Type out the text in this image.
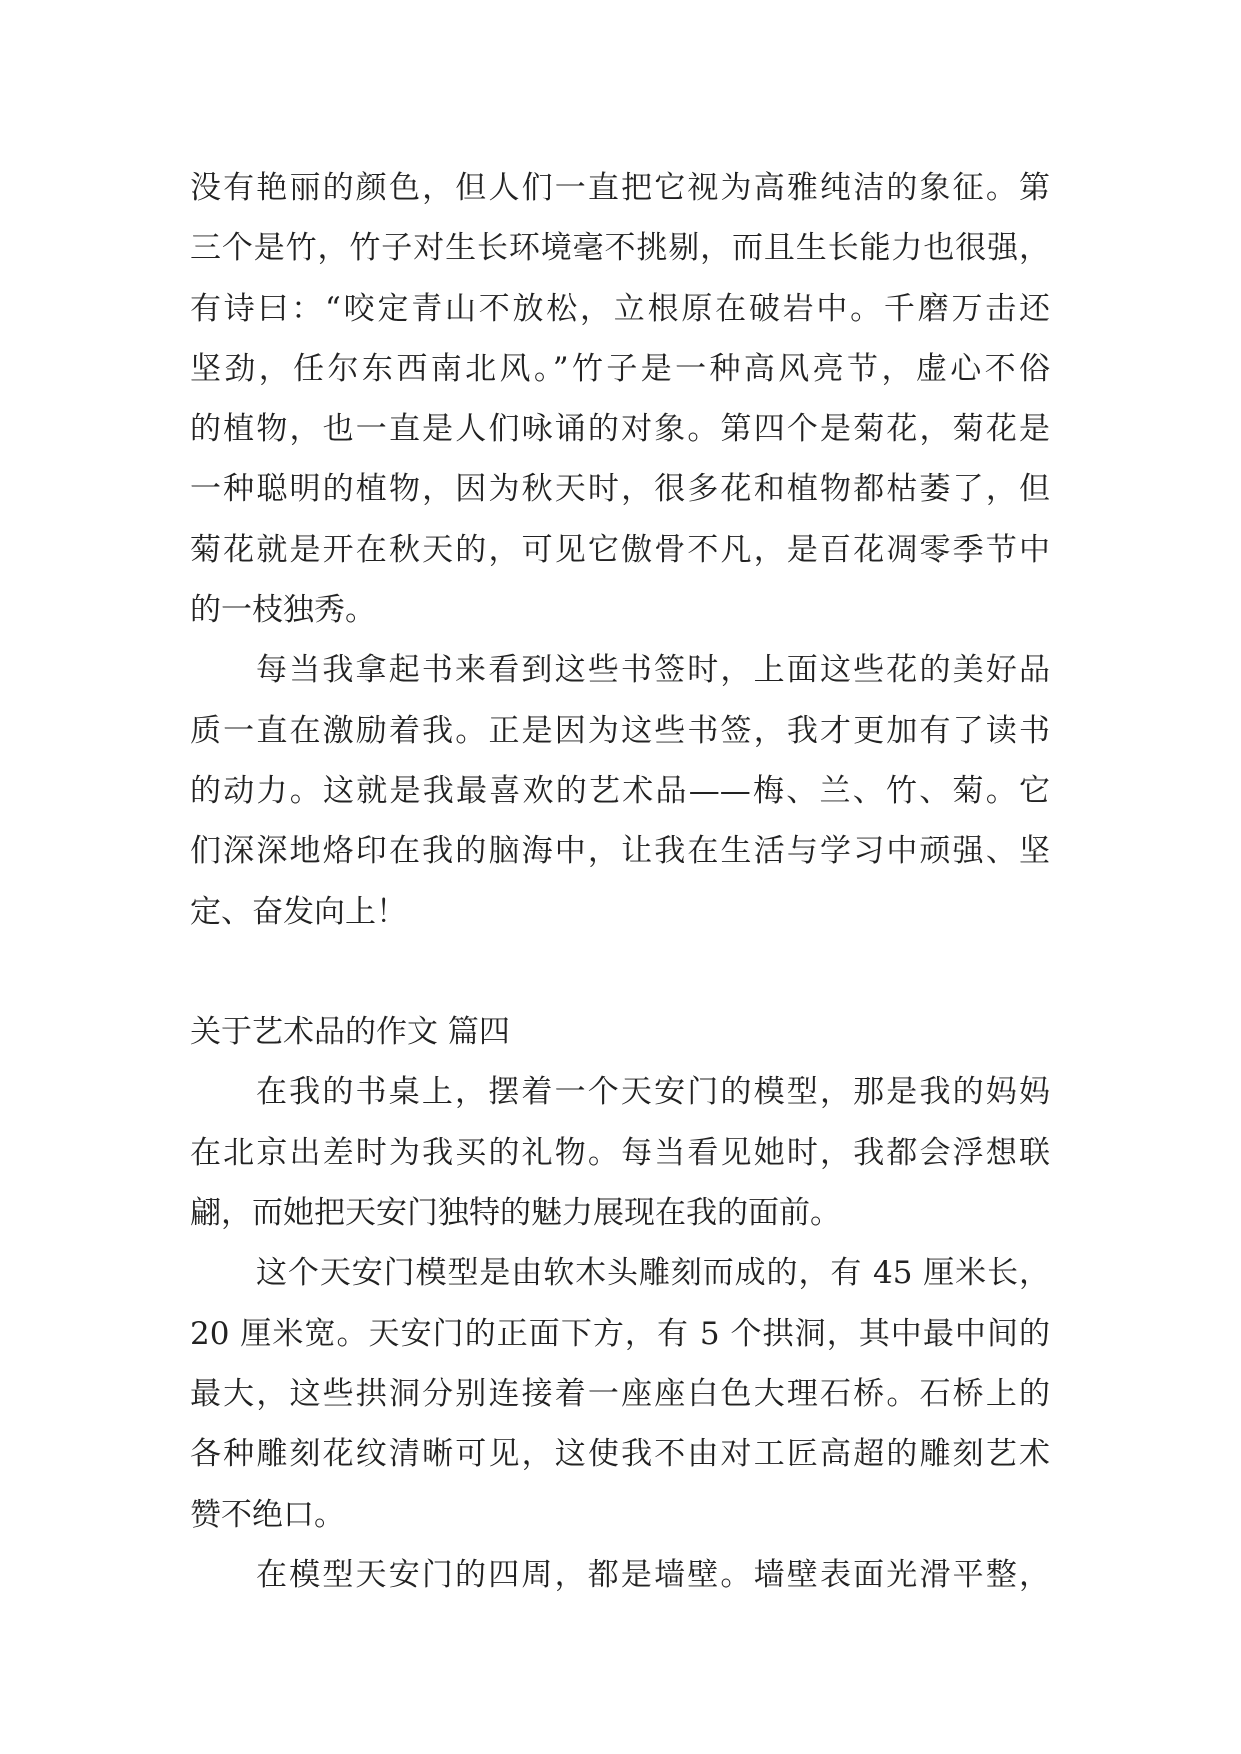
没有艳丽的颜色，但人们一直把它视为高雅纯洁的象征。第
三个是竹，竹子对生长环境毫不挑剔，而且生长能力也很强，
有诗曰：“咬定青山不放松，立根原在破岩中。千磨万击还
坚劲，任尔东西南北风。”竹子是一种高风亮节，虚心不俗
的植物，也一直是人们咏诵的对象。第四个是菊花，菊花是
一种聪明的植物，因为秋天时，很多花和植物都枯萎了，但
菊花就是开在秋天的，可见它傲骨不凡，是百花凋零季节中
的一枝独秀。
每当我拿起书来看到这些书签时，上面这些花的美好品
质一直在激励着我。正是因为这些书签，我才更加有了读书
的动力。这就是我最喜欢的艺术品——梅、兰、竹、菊。它
们深深地烙印在我的脑海中，让我在生活与学习中顽强、坚
定、奋发向上！
关于艺术品的作文 篇四
在我的书桌上，摆着一个天安门的模型，那是我的妈妈
在北京出差时为我买的礼物。每当看见她时，我都会浮想联
翩，而她把天安门独特的魅力展现在我的面前。
这个天安门模型是由软木头雕刻而成的，有 45 厘米长，
20 厘米宽。天安门的正面下方，有 5 个拱洞，其中最中间的
最大，这些拱洞分别连接着一座座白色大理石桥。石桥上的
各种雕刻花纹清晰可见，这使我不由对工匠高超的雕刻艺术
赞不绝口。
在模型天安门的四周，都是墙壁。墙壁表面光滑平整，
